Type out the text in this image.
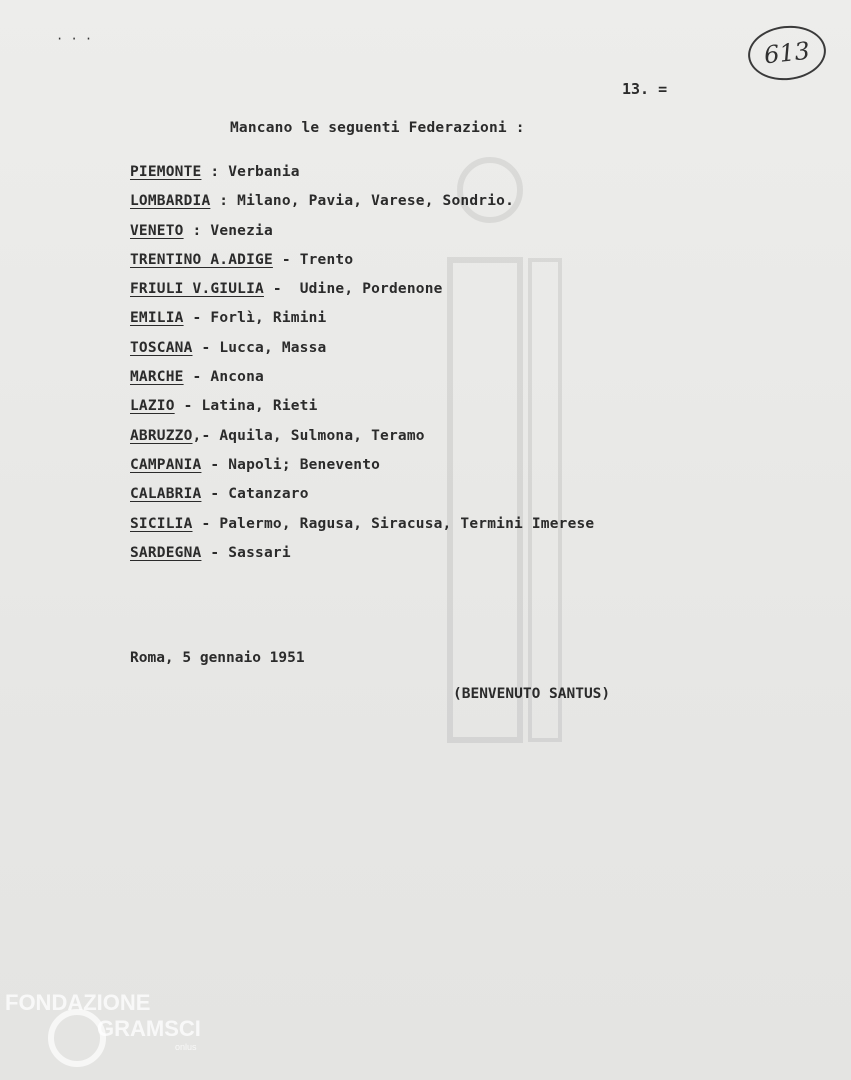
· · ·	613
13. =
Mancano le seguenti Federazioni :
PIEMONTE : Verbania
LOMBARDIA : Milano, Pavia, Varese, Sondrio.
VENETO : Venezia
TRENTINO A.ADIGE - Trento
FRIULI V.GIULIA -  Udine, Pordenone
EMILIA - Forlì, Rimini
TOSCANA - Lucca, Massa
MARCHE - Ancona
LAZIO - Latina, Rieti
ABRUZZO,- Aquila, Sulmona, Teramo
CAMPANIA - Napoli; Benevento
CALABRIA - Catanzaro
SICILIA - Palermo, Ragusa, Siracusa, Termini Imerese
SARDEGNA - Sassari
Roma, 5 gennaio 1951
(BENVENUTO SANTUS)
FONDAZIONE
GRAMSCI
onlus
